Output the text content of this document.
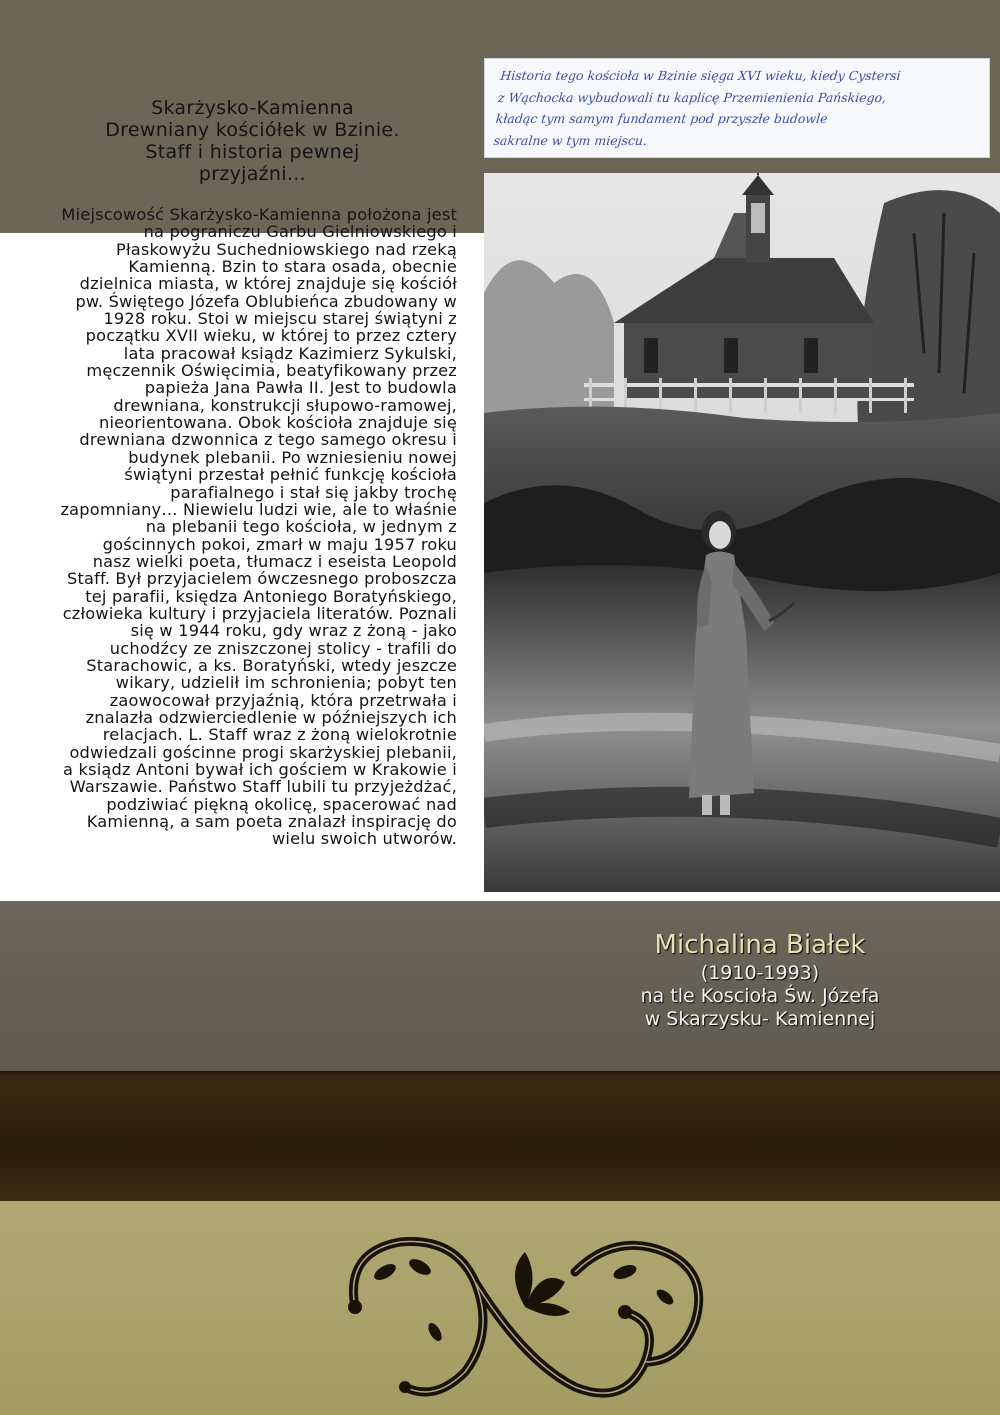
Skarżysko-Kamienna
Drewniany kościółek w Bzinie.
Staff i historia pewnej
przyjaźni…

Miejscowość Skarżysko-Kamienna położona jest na pograniczu Garbu Gielniowskiego i Płaskowyżu Suchedniowskiego nad rzeką Kamienną. Bzin to stara osada, obecnie dzielnica miasta, w której znajduje się kościół pw. Świętego Józefa Oblubieńca zbudowany w 1928 roku. Stoi w miejscu starej świątyni z początku XVII wieku, w której to przez cztery lata pracował ksiądz Kazimierz Sykulski, męczennik Oświęcimia, beatyfikowany przez papieża Jana Pawła II. Jest to budowla drewniana, konstrukcji słupowo-ramowej, nieorientowana. Obok kościoła znajduje się drewniana dzwonnica z tego samego okresu i budynek plebanii. Po wzniesieniu nowej świątyni przestał pełnić funkcję kościoła parafialnego i stał się jakby trochę zapomniany… Niewielu ludzi wie, ale to właśnie na plebanii tego kościoła, w jednym z gościnnych pokoi, zmarł w maju 1957 roku nasz wielki poeta, tłumacz i eseista Leopold Staff. Był przyjacielem ówczesnego proboszcza tej parafii, księdza Antoniego Boratyńskiego, człowieka kultury i przyjaciela literatów. Poznali się w 1944 roku, gdy wraz z żoną - jako uchodźcy ze zniszczonej stolicy - trafili do Starachowic, a ks. Boratyński, wtedy jeszcze wikary, udzielił im schronienia; pobyt ten zaowocował przyjaźnią, która przetrwała i znalazła odzwierciedlenie w późniejszych ich relacjach. L. Staff wraz z żoną wielokrotnie odwiedzali gościnne progi skarżyskiej plebanii, a ksiądz Antoni bywał ich gościem w Krakowie i Warszawie. Państwo Staff lubili tu przyjeżdżać, podziwiać piękną okolicę, spacerować nad Kamienną, a sam poeta znalazł inspirację do wielu swoich utworów.

Historia tego kościoła w Bzinie sięga XVI wieku, kiedy Cystersi
z Wąchocka wybudowali tu kaplicę Przemienienia Pańskiego,
kładąc tym samym fundament pod przyszłe budowle
sakralne w tym miejscu.
Michalina Białek
(1910-1993)
na tle Koscioła Św. Józefa
w Skarzysku- Kamiennej
